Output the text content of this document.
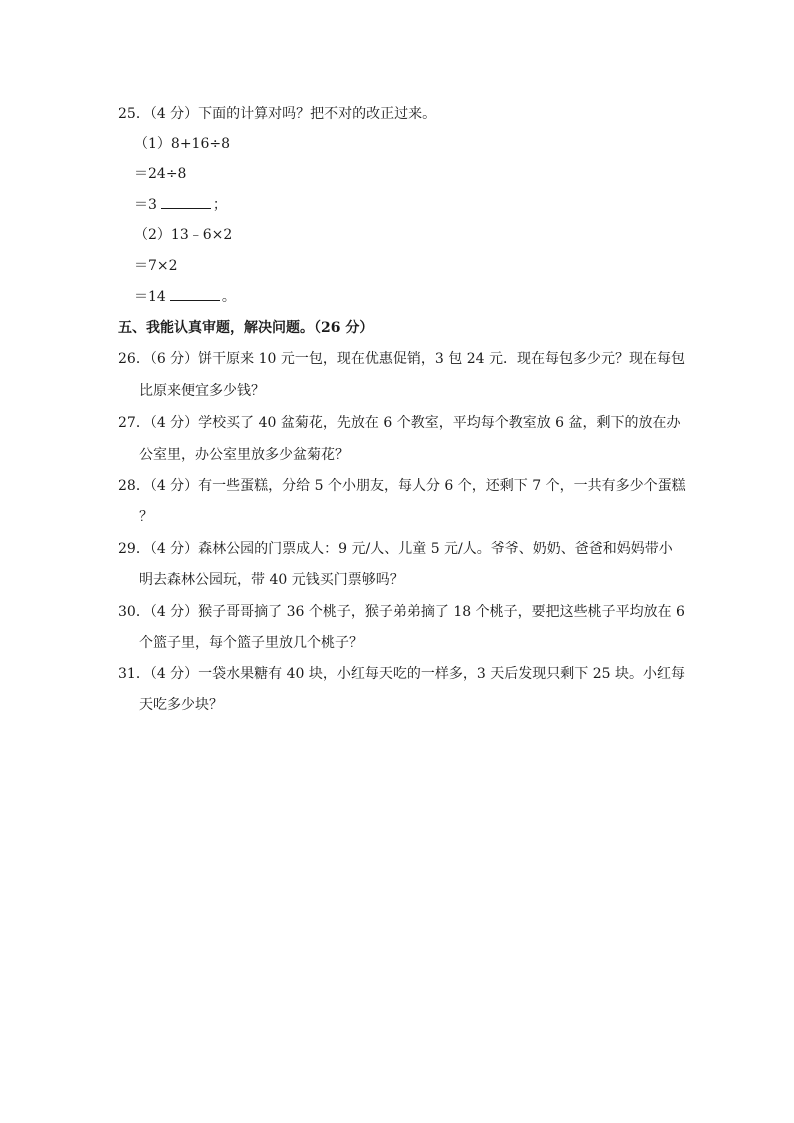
25．（4 分）下面的计算对吗？把不对的改正过来。
（1）8+16÷8
＝24÷8
＝3	；
（2）13﹣6×2
＝7×2
＝14	。
五、我能认真审题，解决问题。（26 分）
26．（6 分）饼干原来 10 元一包，现在优惠促销，3 包 24 元．现在每包多少元？现在每包
比原来便宜多少钱？
27．（4 分）学校买了 40 盆菊花，先放在 6 个教室，平均每个教室放 6 盆，剩下的放在办
公室里，办公室里放多少盆菊花？
28．（4 分）有一些蛋糕，分给 5 个小朋友，每人分 6 个，还剩下 7 个，一共有多少个蛋糕
？
29．（4 分）森林公园的门票成人：9 元/人、儿童 5 元/人。爷爷、奶奶、爸爸和妈妈带小
明去森林公园玩，带 40 元钱买门票够吗？
30．（4 分）猴子哥哥摘了 36 个桃子，猴子弟弟摘了 18 个桃子，要把这些桃子平均放在 6
个篮子里，每个篮子里放几个桃子？
31．（4 分）一袋水果糖有 40 块，小红每天吃的一样多，3 天后发现只剩下 25 块。小红每
天吃多少块？
